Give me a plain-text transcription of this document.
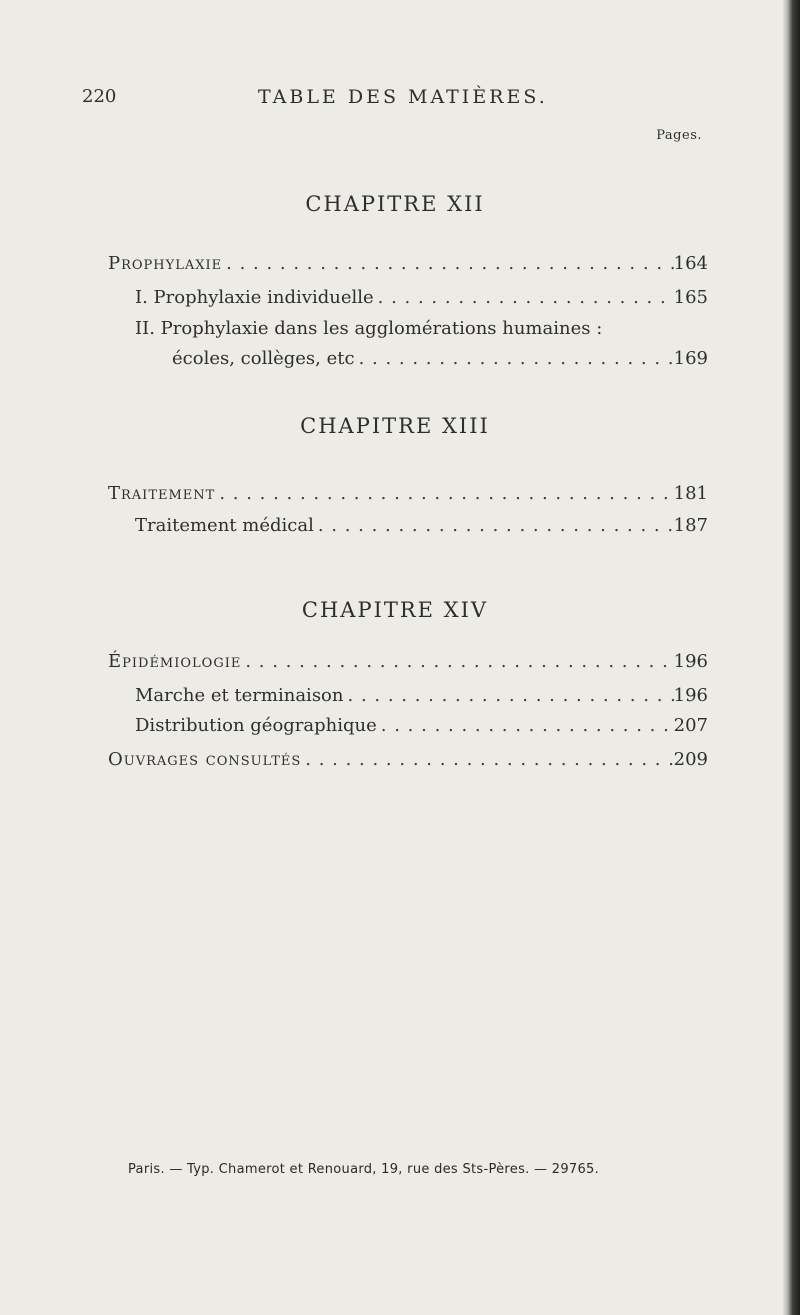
220	TABLE DES MATIÈRES.
Pages.
CHAPITRE XII
Prophylaxie . . .	164
I. Prophylaxie individuelle . . .	165
II. Prophylaxie dans les agglomérations humaines :
écoles, collèges, etc . . .	169
CHAPITRE XIII
Traitement . . .	181
Traitement médical . . .	187
CHAPITRE XIV
Épidémiologie . . .	196
Marche et terminaison . . .	196
Distribution géographique . . .	207
Ouvrages consultés . . .	209
Paris. — Typ. Chamerot et Renouard, 19, rue des Sts-Pères. — 29765.
